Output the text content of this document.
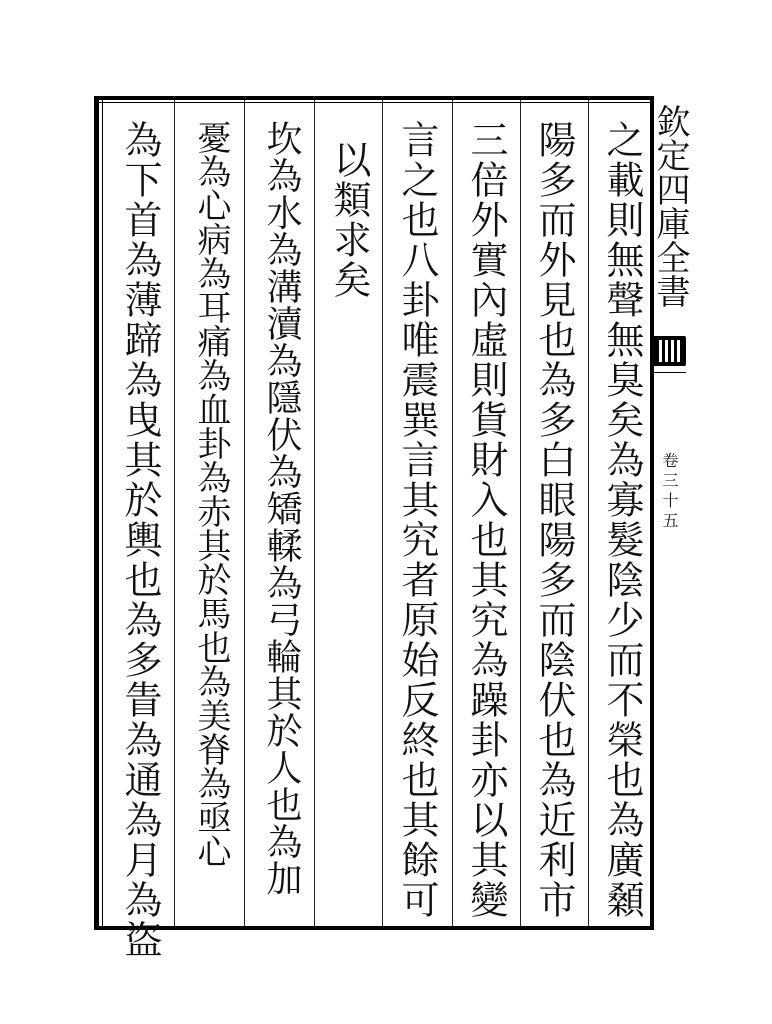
之載則無聲無臭矣為寡髮陰少而不榮也為廣顙
陽多而外見也為多白眼陽多而陰伏也為近利市
三倍外實內虛則貨財入也其究為躁卦亦以其變
言之也八卦唯震巽言其究者原始反終也其餘可
以類求矣
坎為水為溝瀆為隱伏為矯輮為弓輪其於人也為加
憂為心病為耳痛為血卦為赤其於馬也為美脊為亟心
為下首為薄蹄為曳其於輿也為多眚為通為月為盜	欽定四庫全書
卷三十五
